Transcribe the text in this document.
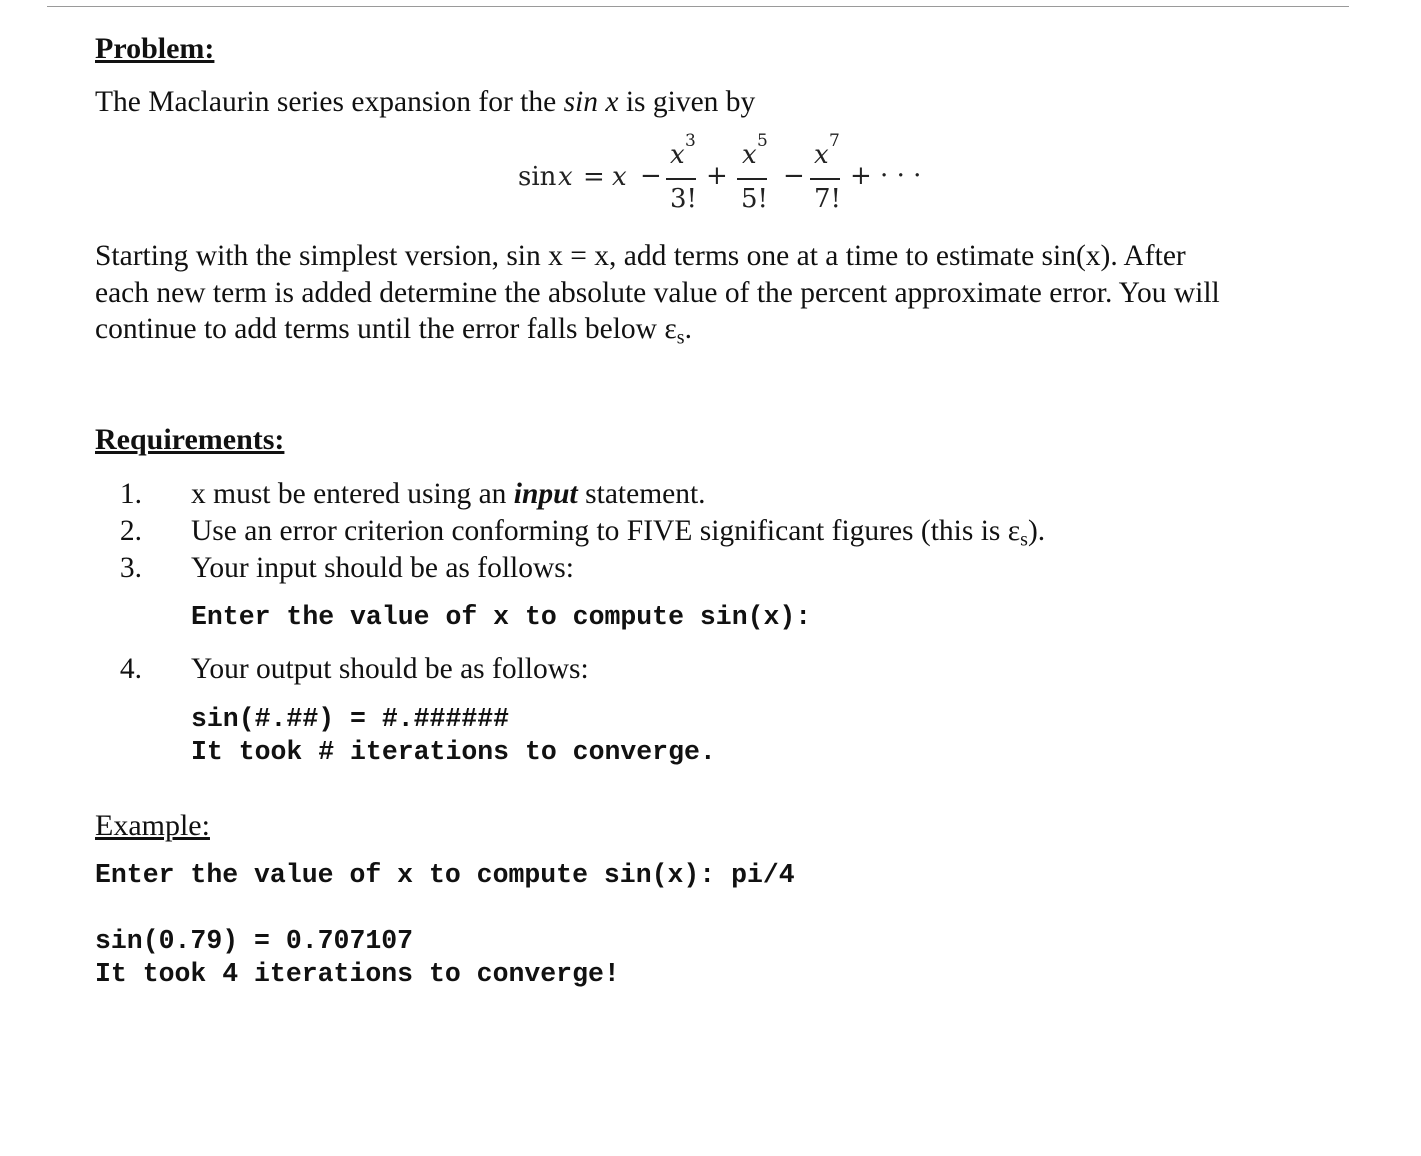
Problem:
The Maclaurin series expansion for the sin x is given by
sin x = x −
x 3
3!
+
x 5
5!
−
x 7
7!
+ · · ·
Starting with the simplest version, sin x = x, add terms one at a time to estimate sin(x). After
each new term is added determine the absolute value of the percent approximate error. You will
continue to add terms until the error falls below $\varepsilon_s$.
Requirements:
1. x must be entered using an input statement.
2. Use an error criterion conforming to FIVE significant figures (this is $\varepsilon_s$).
3. Your input should be as follows:
Enter the value of x to compute sin(x):
4. Your output should be as follows:
sin(#.##) = #.######
It took # iterations to converge.
Example:
Enter the value of x to compute sin(x): pi/4
sin(0.79) = 0.707107
It took 4 iterations to converge!
